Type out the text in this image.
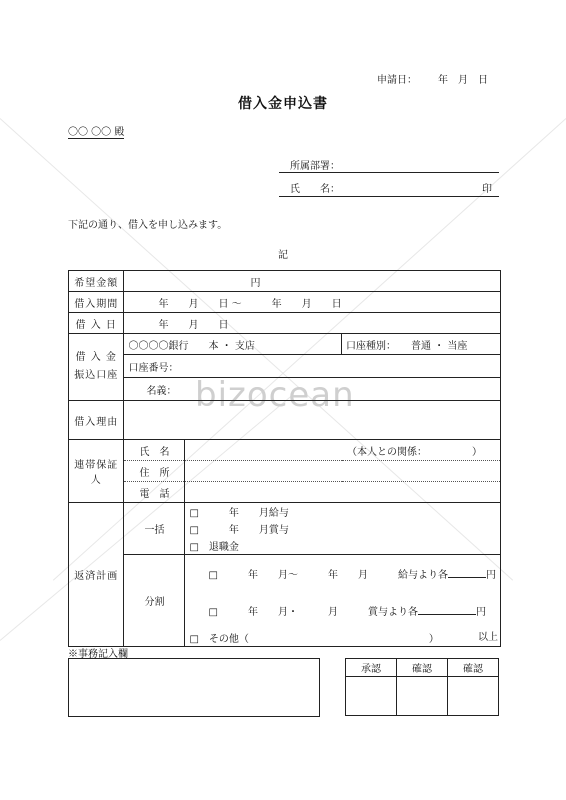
bizocean
申請日： 年　月　日
借入金申込書
〇〇 〇〇 殿
所属部署：
氏　　名：	印
下記の通り、借入を申し込みます。
記
希望金額	円		
借入期間	年　　月　　日 〜　　　年　　月　　日		
借 入 日	年　　月　　日		
借 入 金
振込口座	〇〇〇〇銀行　　本 ・ 支店		口座種別：　　普通 ・ 当座
	口座番号：		
	名義：		
借入理由			
連帯保証人	氏　名	（本人との関係：　　　　　）	
	住　所		
	電　話		
返済計画	一括	□　　　年　　月給与	
		□　　　年　　月賞与	
		□　退職金	
	分割	□　　　年　　月〜　　　年　　月　　　給与より各 円	

□　　　年　　月・　　　月　　　賞与より各 円	

		□　その他（　　　　　　　　　　　　　　　　　　）		以上
※事務記入欄
承認	確認	確認
